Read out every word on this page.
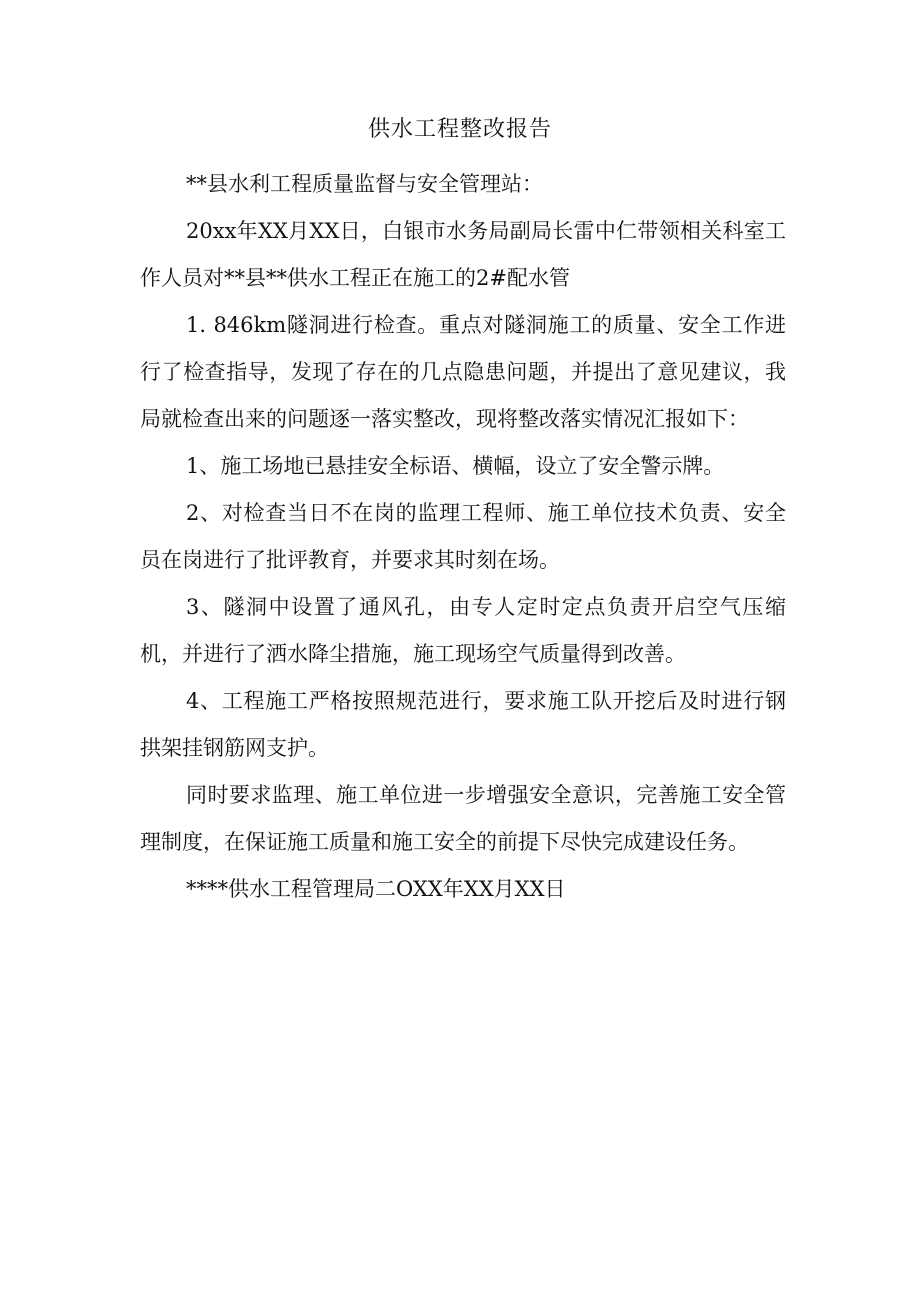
供水工程整改报告

**县水利工程质量监督与安全管理站：

20xx年XX月XX日，白银市水务局副局长雷中仁带领相关科室工作人员对**县**供水工程正在施工的2#配水管

1. 846km隧洞进行检查。重点对隧洞施工的质量、安全工作进行了检查指导，发现了存在的几点隐患问题，并提出了意见建议，我局就检查出来的问题逐一落实整改，现将整改落实情况汇报如下：

1、施工场地已悬挂安全标语、横幅，设立了安全警示牌。

2、对检查当日不在岗的监理工程师、施工单位技术负责、安全员在岗进行了批评教育，并要求其时刻在场。

3、隧洞中设置了通风孔，由专人定时定点负责开启空气压缩机，并进行了洒水降尘措施，施工现场空气质量得到改善。

4、工程施工严格按照规范进行，要求施工队开挖后及时进行钢拱架挂钢筋网支护。

同时要求监理、施工单位进一步增强安全意识，完善施工安全管理制度，在保证施工质量和施工安全的前提下尽快完成建设任务。

****供水工程管理局二OXX年XX月XX日
